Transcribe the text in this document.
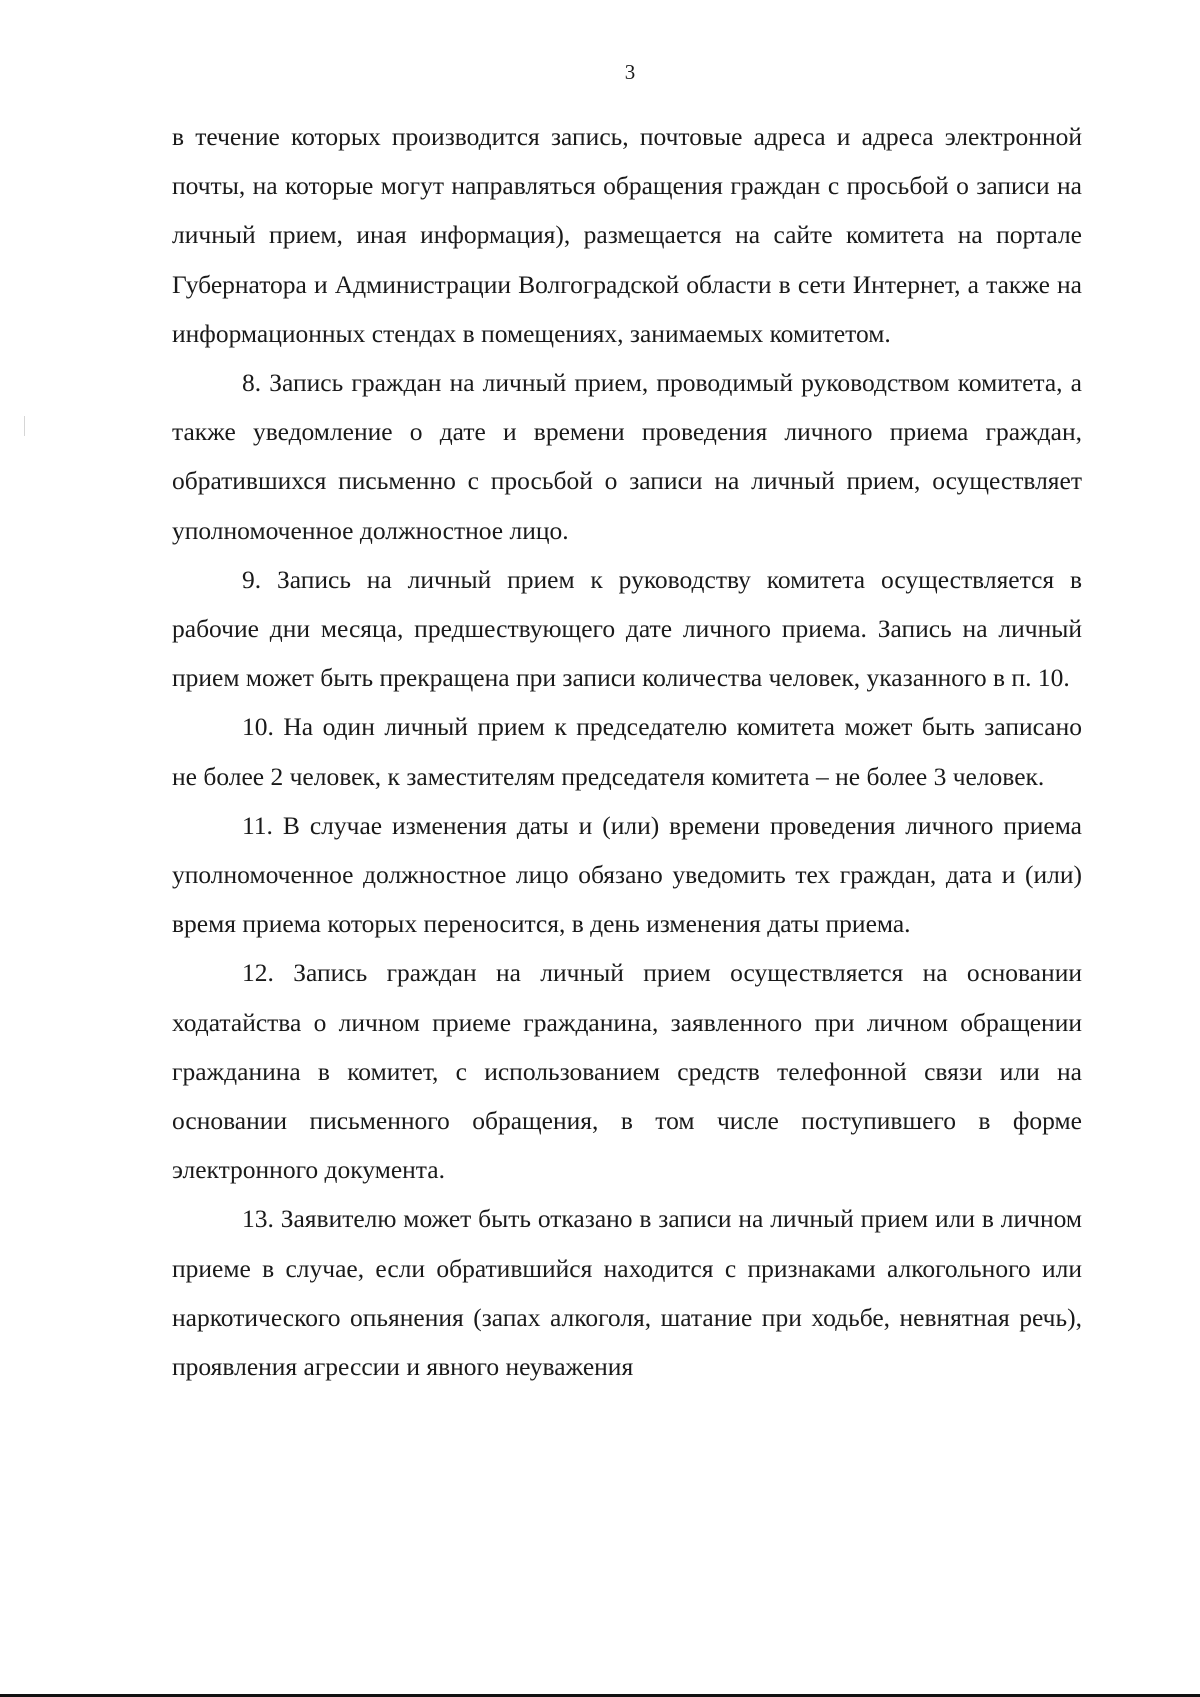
3

в течение которых производится запись, почтовые адреса и адреса электронной почты, на которые могут направляться обращения граждан с просьбой о записи на личный прием, иная информация), размещается на сайте комитета на портале Губернатора и Администрации Волгоградской области в сети Интернет, а также на информационных стендах в помещениях, занимаемых комитетом.

8. Запись граждан на личный прием, проводимый руководством комитета, а также уведомление о дате и времени проведения личного приема граждан, обратившихся письменно с просьбой о записи на личный прием, осуществляет уполномоченное должностное лицо.

9. Запись на личный прием к руководству комитета осуществляется в рабочие дни месяца, предшествующего дате личного приема. Запись на личный прием может быть прекращена при записи количества человек, указанного в п. 10.

10. На один личный прием к председателю комитета может быть записано не более 2 человек, к заместителям председателя комитета – не более 3 человек.

11. В случае изменения даты и (или) времени проведения личного приема уполномоченное должностное лицо обязано уведомить тех граждан, дата и (или) время приема которых переносится, в день изменения даты приема.

12. Запись граждан на личный прием осуществляется на основании ходатайства о личном приеме гражданина, заявленного при личном обращении гражданина в комитет, с использованием средств телефонной связи или на основании письменного обращения, в том числе поступившего в форме электронного документа.

13. Заявителю может быть отказано в записи на личный прием или в личном приеме в случае, если обратившийся находится с признаками алкогольного или наркотического опьянения (запах алкоголя, шатание при ходьбе, невнятная речь), проявления агрессии и явного неуважения
